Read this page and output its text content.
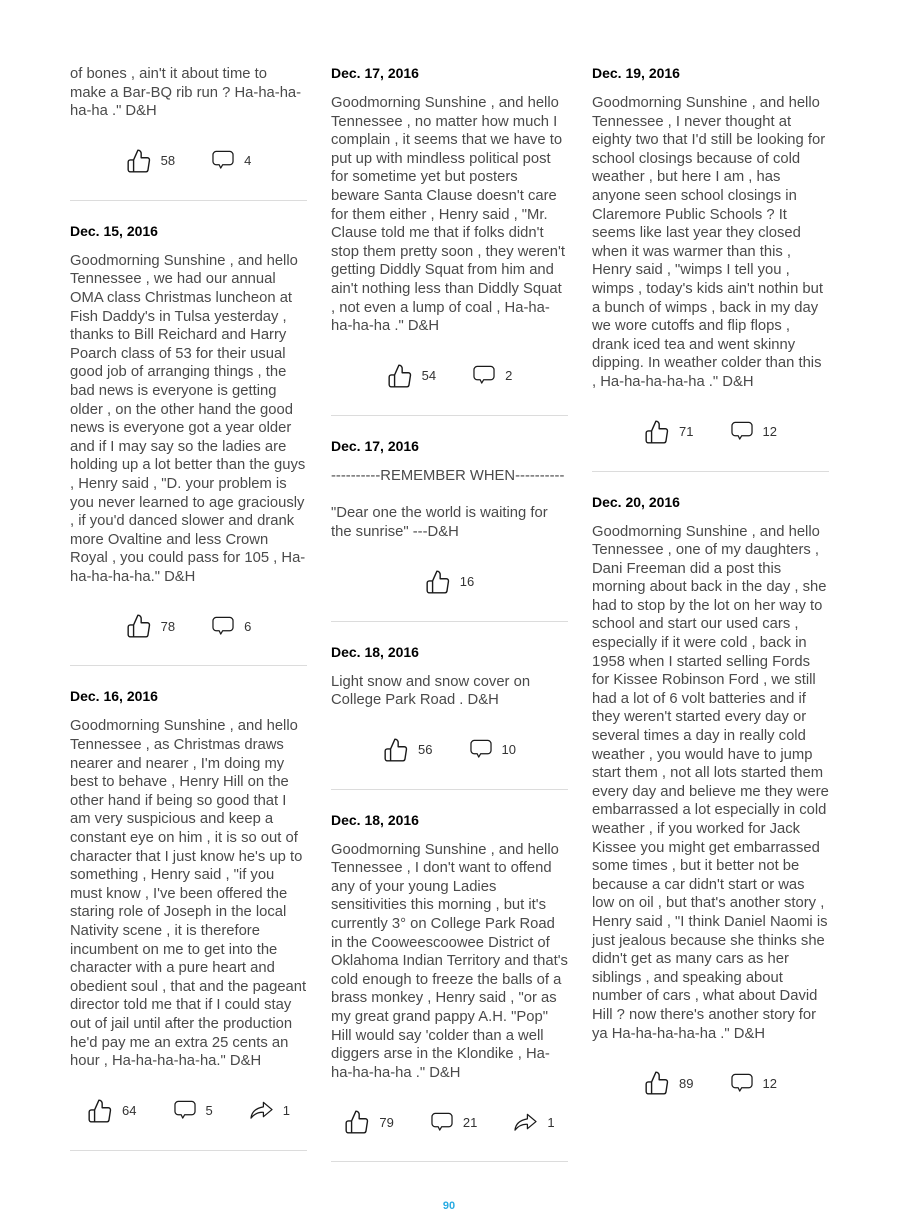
of bones , ain't it about time to make a Bar-BQ rib run ? Ha-ha-ha-ha-ha ." D&H

58	4
Dec. 15, 2016

Goodmorning Sunshine , and hello Tennessee , we had our annual OMA class Christmas luncheon at Fish Daddy's in Tulsa yesterday , thanks to Bill Reichard and Harry Poarch class of 53 for their usual good job of arranging things , the bad news is everyone is getting older , on the other hand the good news is everyone got a year older and if I may say so the ladies are holding up a lot better than the guys , Henry said , "D. your problem is you never learned to age graciously , if you'd danced slower and drank more Ovaltine and less Crown Royal , you could pass for 105 , Ha-ha-ha-ha-ha." D&H

78	6
Dec. 16, 2016

Goodmorning Sunshine , and hello Tennessee , as Christmas draws nearer and nearer , I'm doing my best to behave , Henry Hill on the other hand if being so good that I am very suspicious and keep a constant eye on him , it is so out of character that I just know he's up to something , Henry said , "if you must know , I've been offered the staring role of Joseph in the local Nativity scene , it is therefore incumbent on me to get into the character with a pure heart and obedient soul , that and the pageant director told me that if I could stay out of jail until after the production he'd pay me an extra 25 cents an hour , Ha-ha-ha-ha-ha." D&H

64	5	1
Dec. 17, 2016

Goodmorning Sunshine , and hello Tennessee , no matter how much I complain , it seems that we have to put up with mindless political post for sometime yet but posters beware Santa Clause doesn't care for them either , Henry said , "Mr. Clause told me that if folks didn't stop them pretty soon , they weren't getting Diddly Squat from him and ain't nothing less than Diddly Squat , not even a lump of coal , Ha-ha-ha-ha-ha ." D&H

54	2
Dec. 17, 2016

----------REMEMBER WHEN----------

"Dear one the world is waiting for the sunrise" ---D&H

16
Dec. 18, 2016

Light snow and snow cover on College Park Road . D&H

56	10
Dec. 18, 2016

Goodmorning Sunshine , and hello Tennessee , I don't want to offend any of your young Ladies sensitivities this morning , but it's currently 3° on College Park Road in the Cooweescoowee District of Oklahoma Indian Territory and that's cold enough to freeze the balls of a brass monkey , Henry said , "or as my great grand pappy A.H. "Pop" Hill would say 'colder than a well diggers arse in the Klondike , Ha-ha-ha-ha-ha ." D&H

79	21	1
Dec. 19, 2016

Goodmorning Sunshine , and hello Tennessee , I never thought at eighty two that I'd still be looking for school closings because of cold weather , but here I am , has anyone seen school closings in Claremore Public Schools ? It seems like last year they closed when it was warmer than this , Henry said , "wimps I tell you , wimps , today's kids ain't nothin but a bunch of wimps , back in my day we wore cutoffs and flip flops , drank iced tea and went skinny dipping. In weather colder than this , Ha-ha-ha-ha-ha ." D&H

71	12
Dec. 20, 2016

Goodmorning Sunshine , and hello Tennessee , one of my daughters , Dani Freeman did a post this morning about back in the day , she had to stop by the lot on her way to school and start our used cars , especially if it were cold , back in 1958 when I started selling Fords for Kissee Robinson Ford , we still had a lot of 6 volt batteries and if they weren't started every day or several times a day in really cold weather , you would have to jump start them , not all lots started them every day and believe me they were embarrassed a lot especially in cold weather , if you worked for Jack Kissee you might get embarrassed some times , but it better not be because a car didn't start or was low on oil , but that's another story , Henry said , "I think Daniel Naomi is just jealous because she thinks she didn't get as many cars as her siblings , and speaking about number of cars , what about David Hill ? now there's another story for ya Ha-ha-ha-ha-ha ." D&H

89	12
90
